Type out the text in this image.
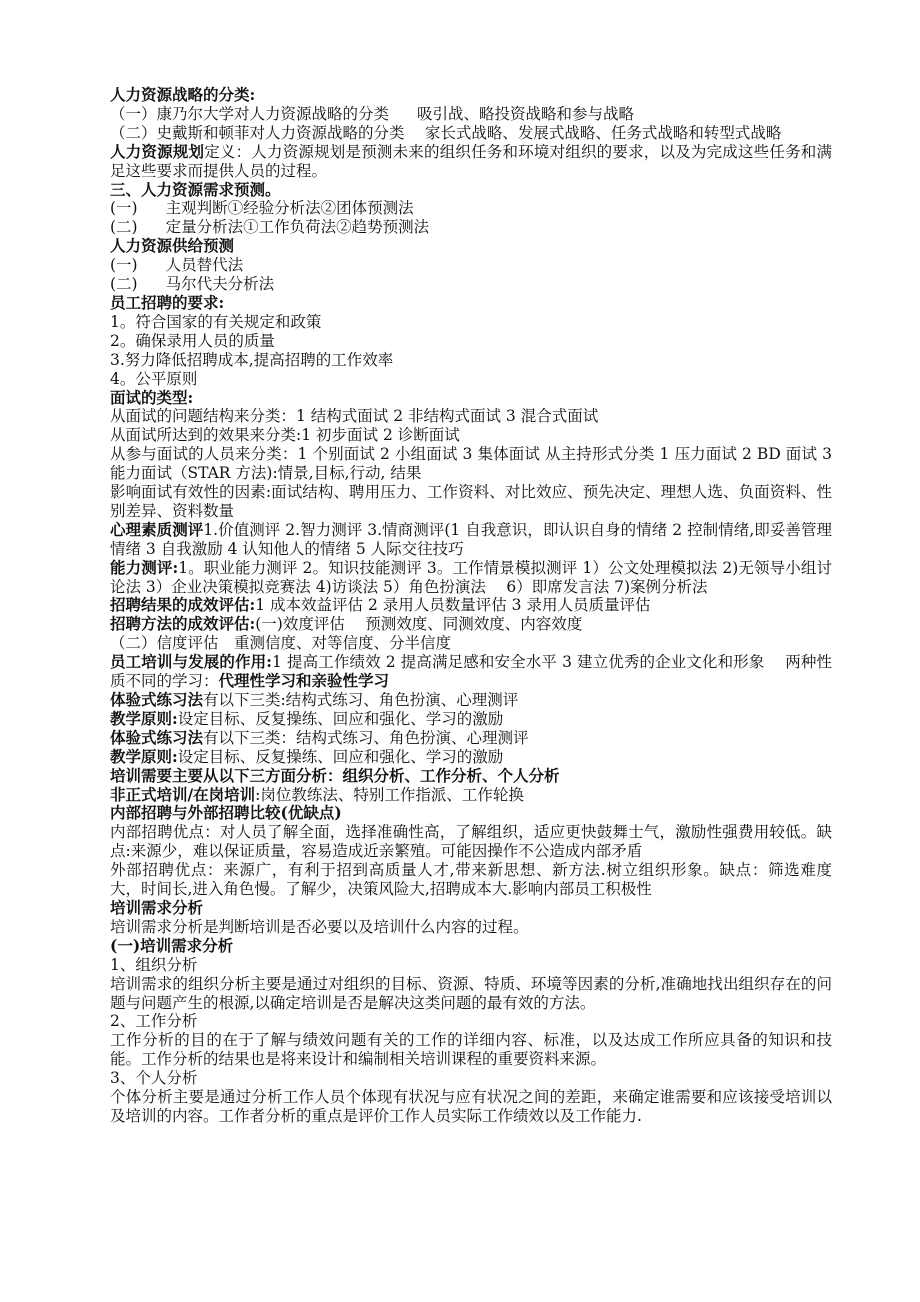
人力资源战略的分类:

（一）康乃尔大学对人力资源战略的分类 吸引战、略投资战略和参与战略

（二）史戴斯和顿菲对人力资源战略的分类　 家长式战略、发展式战略、任务式战略和转型式战略

人力资源规划定义：人力资源规划是预测未来的组织任务和环境对组织的要求，以及为完成这些任务和满足这些要求而提供人员的过程。

三、人力资源需求预测。

(一) 主观判断①经验分析法②团体预测法

(二) 定量分析法①工作负荷法②趋势预测法

人力资源供给预测

(一) 人员替代法

(二) 马尔代夫分析法

员工招聘的要求:

1。符合国家的有关规定和政策

2。确保录用人员的质量

3.努力降低招聘成本,提高招聘的工作效率

4。公平原则

面试的类型:

从面试的问题结构来分类：1 结构式面试 2 非结构式面试 3 混合式面试

从面试所达到的效果来分类:1 初步面试 2 诊断面试

从参与面试的人员来分类：1 个别面试 2 小组面试 3 集体面试 从主持形式分类 1 压力面试 2 BD 面试 3 能力面试（STAR 方法):情景,目标,行动, 结果

影响面试有效性的因素:面试结构、聘用压力、工作资料、对比效应、预先决定、理想人选、负面资料、性别差异、资料数量

心理素质测评1.价值测评 2.智力测评 3.情商测评(1 自我意识，即认识自身的情绪 2 控制情绪,即妥善管理情绪 3 自我激励 4 认知他人的情绪 5 人际交往技巧

能力测评:1。职业能力测评 2。知识技能测评 3。工作情景模拟测评 1）公文处理模拟法 2)无领导小组讨论法 3）企业决策模拟竞赛法 4)访谈法 5）角色扮演法　 6）即席发言法 7)案例分析法

招聘结果的成效评估:1 成本效益评估 2 录用人员数量评估 3 录用人员质量评估

招聘方法的成效评估:(一)效度评估　 预测效度、同测效度、内容效度

（二）信度评估　重测信度、对等信度、分半信度

员工培训与发展的作用:1 提高工作绩效 2 提高满足感和安全水平 3 建立优秀的企业文化和形象　 两种性质不同的学习：代理性学习和亲验性学习

体验式练习法有以下三类:结构式练习、角色扮演、心理测评

教学原则:设定目标、反复操练、回应和强化、学习的激励

体验式练习法有以下三类：结构式练习、角色扮演、心理测评

教学原则:设定目标、反复操练、回应和强化、学习的激励

培训需要主要从以下三方面分析：组织分析、工作分析、个人分析

非正式培训/在岗培训:岗位教练法、特别工作指派、工作轮换

内部招聘与外部招聘比较(优缺点)

内部招聘优点：对人员了解全面，选择准确性高，了解组织，适应更快鼓舞士气，激励性强费用较低。缺点:来源少，难以保证质量，容易造成近亲繁殖。可能因操作不公造成内部矛盾

外部招聘优点：来源广，有利于招到高质量人才,带来新思想、新方法.树立组织形象。缺点：筛选难度大，时间长,进入角色慢。了解少，决策风险大,招聘成本大.影响内部员工积极性

培训需求分析

培训需求分析是判断培训是否必要以及培训什么内容的过程。

(一)培训需求分析

1、组织分析

培训需求的组织分析主要是通过对组织的目标、资源、特质、环境等因素的分析,准确地找出组织存在的问题与问题产生的根源,以确定培训是否是解决这类问题的最有效的方法。

2、工作分析

工作分析的目的在于了解与绩效问题有关的工作的详细内容、标准，以及达成工作所应具备的知识和技能。工作分析的结果也是将来设计和编制相关培训课程的重要资料来源。

3、个人分析

个体分析主要是通过分析工作人员个体现有状况与应有状况之间的差距，来确定谁需要和应该接受培训以及培训的内容。工作者分析的重点是评价工作人员实际工作绩效以及工作能力.
